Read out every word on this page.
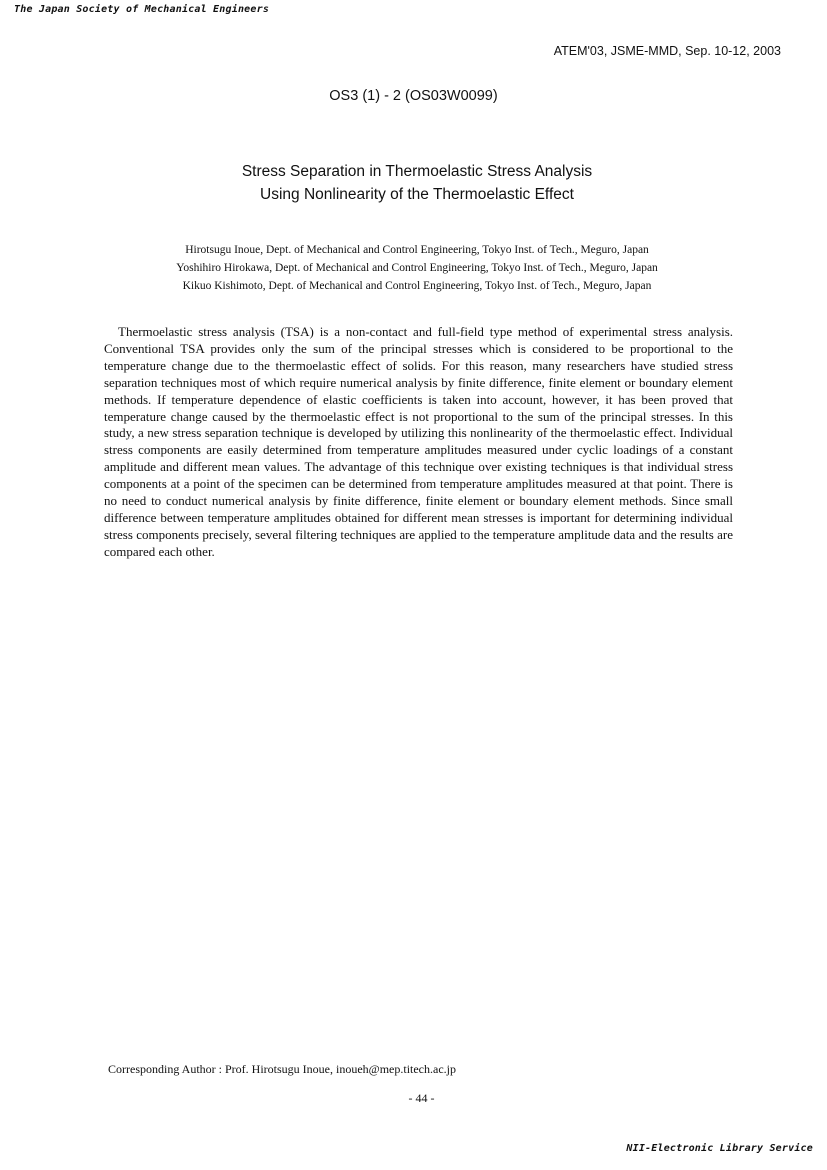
The Japan Society of Mechanical Engineers
ATEM'03, JSME-MMD, Sep. 10-12, 2003
OS3 (1) - 2 (OS03W0099)
Stress Separation in Thermoelastic Stress Analysis
Using Nonlinearity of the Thermoelastic Effect
Hirotsugu Inoue, Dept. of Mechanical and Control Engineering, Tokyo Inst. of Tech., Meguro, Japan
Yoshihiro Hirokawa, Dept. of Mechanical and Control Engineering, Tokyo Inst. of Tech., Meguro, Japan
Kikuo Kishimoto, Dept. of Mechanical and Control Engineering, Tokyo Inst. of Tech., Meguro, Japan

Thermoelastic stress analysis (TSA) is a non-contact and full-field type method of experimental stress analysis. Conventional TSA provides only the sum of the principal stresses which is considered to be proportional to the temperature change due to the thermoelastic effect of solids. For this reason, many researchers have studied stress separation techniques most of which require numerical analysis by finite difference, finite element or boundary element methods. If temperature dependence of elastic coefficients is taken into account, however, it has been proved that temperature change caused by the thermoelastic effect is not proportional to the sum of the principal stresses. In this study, a new stress separation technique is developed by utilizing this nonlinearity of the thermoelastic effect. Individual stress components are easily determined from temperature amplitudes measured under cyclic loadings of a constant amplitude and different mean values. The advantage of this technique over existing techniques is that individual stress components at a point of the specimen can be determined from temperature amplitudes measured at that point. There is no need to conduct numerical analysis by finite difference, finite element or boundary element methods. Since small difference between temperature amplitudes obtained for different mean stresses is important for determining individual stress components precisely, several filtering techniques are applied to the temperature amplitude data and the results are compared each other.

Corresponding Author : Prof. Hirotsugu Inoue, inoueh@mep.titech.ac.jp
- 44 -
NII-Electronic Library Service
